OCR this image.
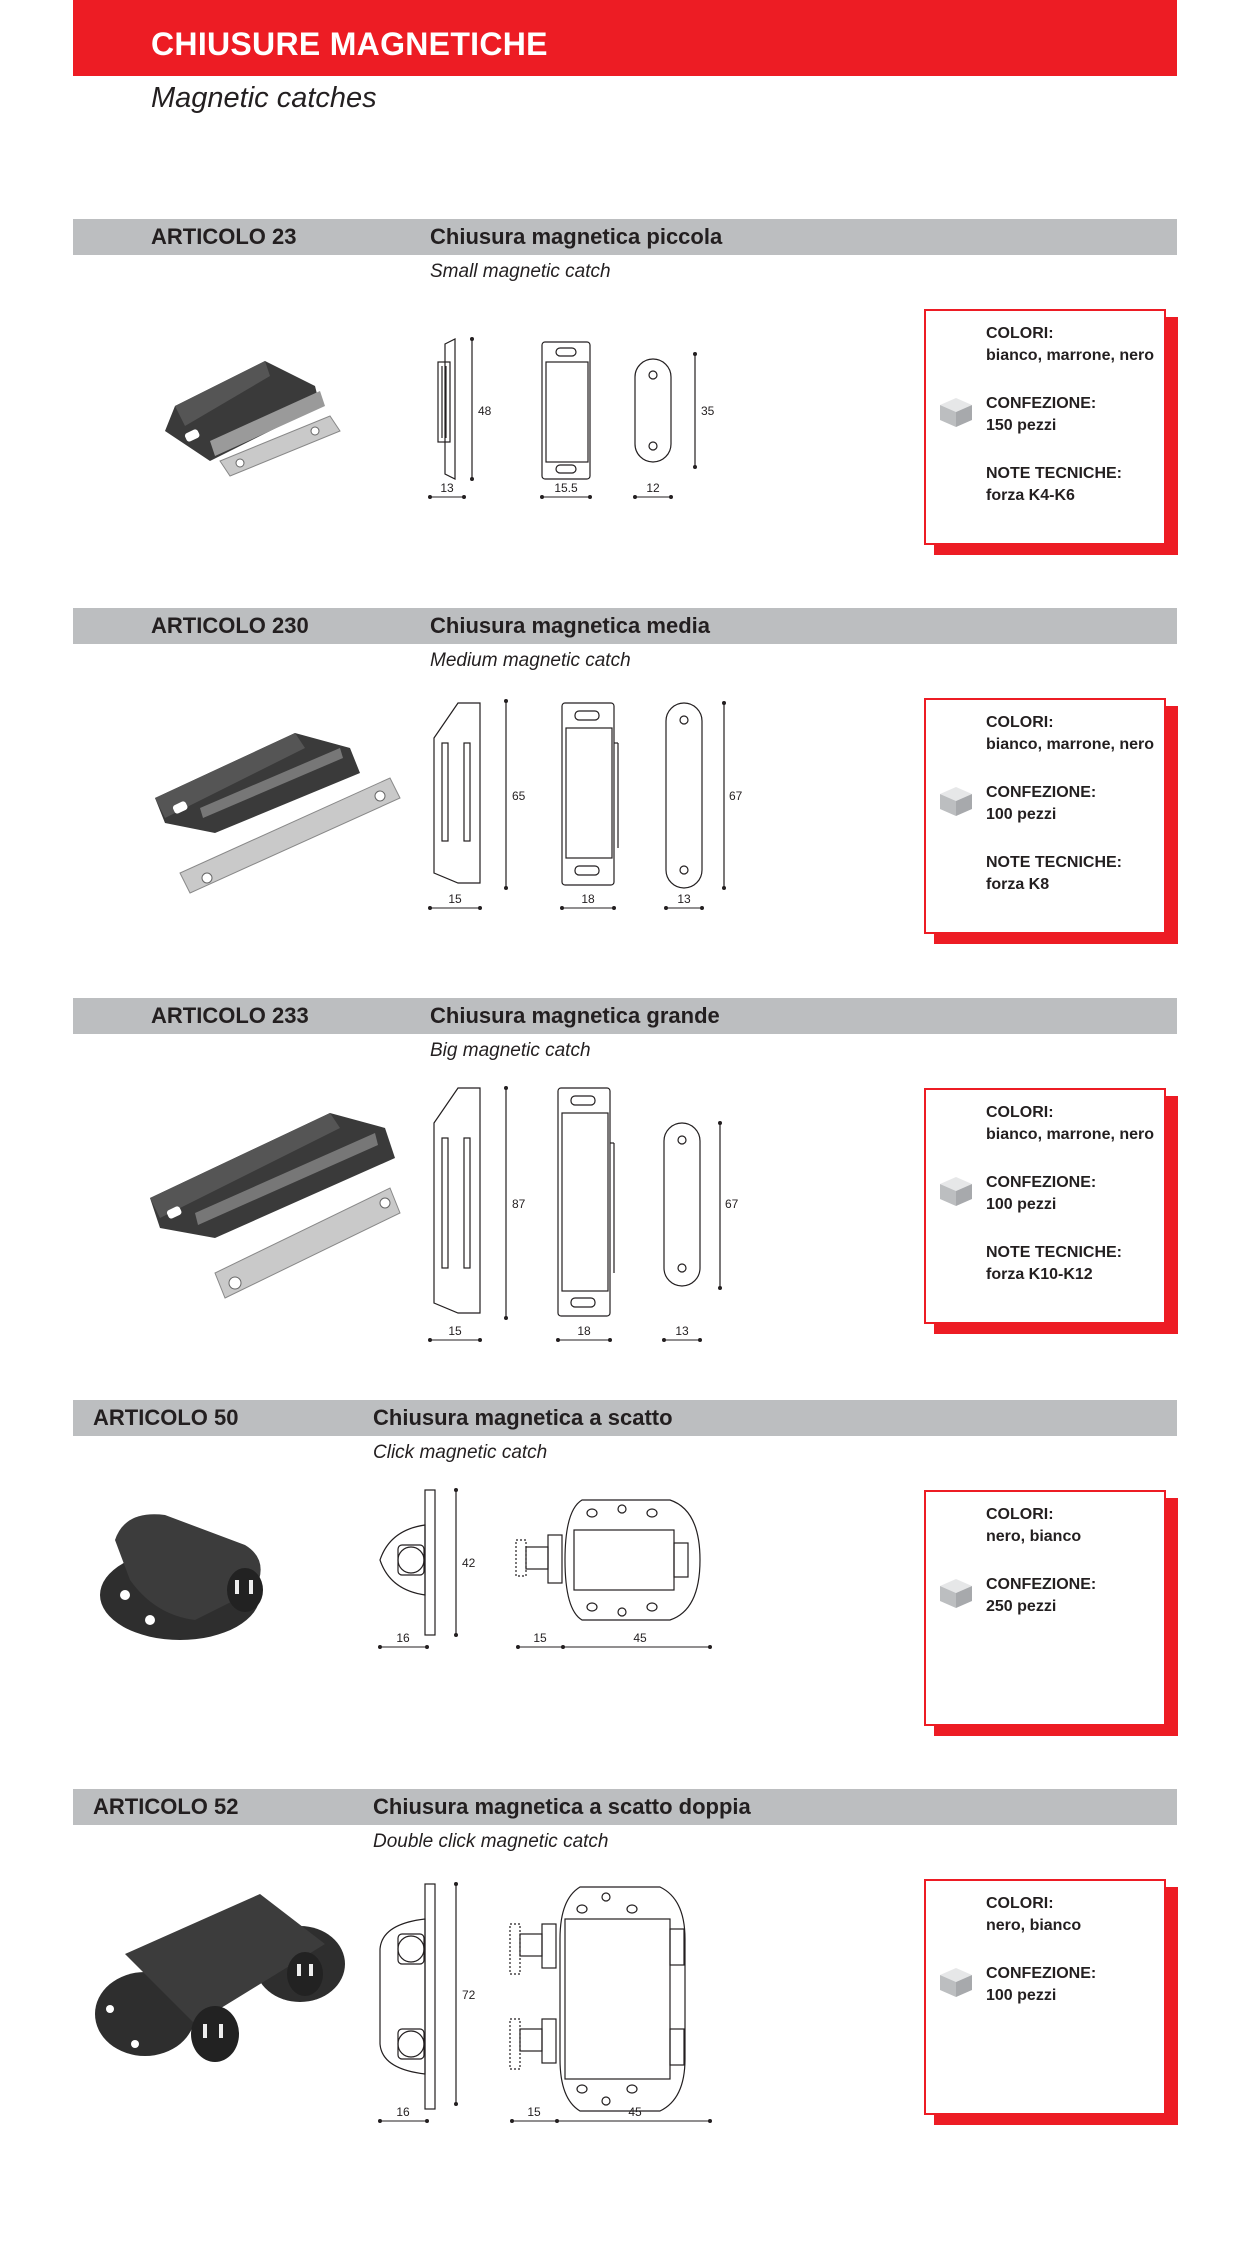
CHIUSURE MAGNETICHE
Magnetic catches
ARTICOLO 23	Chiusura magnetica piccola
Small magnetic catch
48	35
13	15.5	12
COLORI:
bianco, marrone, nero
CONFEZIONE:
150 pezzi
NOTE TECNICHE:
forza K4-K6
ARTICOLO 230	Chiusura magnetica media
Medium magnetic catch
65	67
15	18	13
COLORI:
bianco, marrone, nero
CONFEZIONE:
100 pezzi
NOTE TECNICHE:
forza K8
ARTICOLO 233	Chiusura magnetica grande
Big magnetic catch
87	67
15	18	13
COLORI:
bianco, marrone, nero
CONFEZIONE:
100 pezzi
NOTE TECNICHE:
forza K10-K12
ARTICOLO 50	Chiusura magnetica a scatto
Click magnetic catch
42
16	15	45
COLORI:
nero, bianco
CONFEZIONE:
250 pezzi
ARTICOLO 52	Chiusura magnetica a scatto doppia
Double click magnetic catch
72
16	15	45
COLORI:
nero, bianco
CONFEZIONE:
100 pezzi
